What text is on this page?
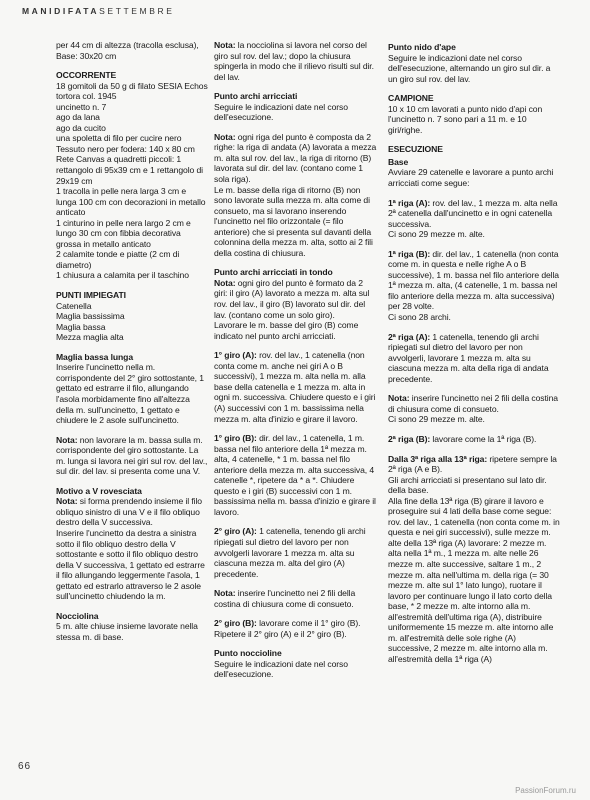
MANIDIFATASETTEMBRE

per 44 cm di altezza (tracolla esclusa), Base: 30x20 cm

OCCORRENTE

18 gomitoli da 50 g di filato SESIA Echos tortora col. 1945
uncinetto n. 7
ago da lana
ago da cucito
una spoletta di filo per cucire nero
Tessuto nero per fodera: 140 x 80 cm
Rete Canvas a quadretti piccoli: 1 rettangolo di 95x39 cm e 1 rettangolo di 29x19 cm
1 tracolla in pelle nera larga 3 cm e lunga 100 cm con decorazioni in metallo anticato
1 cinturino in pelle nera largo 2 cm e lungo 30 cm con fibbia decorativa grossa in metallo anticato
2 calamite tonde e piatte (2 cm di diametro)
1 chiusura a calamita per il taschino

PUNTI IMPIEGATI

Catenella
Maglia bassissima
Maglia bassa
Mezza maglia alta

Maglia bassa lunga

Inserire l'uncinetto nella m. corrispondente del 2° giro sottostante, 1 gettato ed estrarre il filo, allungando l'asola morbidamente fino all'altezza della m. sull'uncinetto, 1 gettato e chiudere le 2 asole sull'uncinetto.

Nota: non lavorare la m. bassa sulla m. corrispondente del giro sottostante. La m. lunga si lavora nei giri sul rov. del lav., sul dir. del lav. si presenta come una V.

Motivo a V rovesciata

Nota: si forma prendendo insieme il filo obliquo sinistro di una V e il filo obliquo destro della V successiva.
Inserire l'uncinetto da destra a sinistra sotto il filo obliquo destro della V sottostante e sotto il filo obliquo destro della V successiva, 1 gettato ed estrarre il filo allungando leggermente l'asola, 1 gettato ed estrarlo attraverso le 2 asole sull'uncinetto chiudendo la m.

Nocciolina

5 m. alte chiuse insieme lavorate nella stessa m. di base.

Nota: la nocciolina si lavora nel corso del giro sul rov. del lav.; dopo la chiusura spingerla in modo che il rilievo risulti sul dir. del lav.

Punto archi arricciati

Seguire le indicazioni date nel corso dell'esecuzione.

Nota: ogni riga del punto è composta da 2 righe: la riga di andata (A) lavorata a mezza m. alta sul rov. del lav., la riga di ritorno (B) lavorata sul dir. del lav. (contano come 1 sola riga).
Le m. basse della riga di ritorno (B) non sono lavorate sulla mezza m. alta come di consueto, ma si lavorano inserendo l'uncinetto nel filo orizzontale (= filo anteriore) che si presenta sul davanti della colonnina della mezza m. alta, sotto ai 2 fili della costina di chiusura.

Punto archi arricciati in tondo

Nota: ogni giro del punto è formato da 2 giri: il giro (A) lavorato a mezza m. alta sul rov. del lav., il giro (B) lavorato sul dir. del lav. (contano come un solo giro).
Lavorare le m. basse del giro (B) come indicato nel punto archi arricciati.

1° giro (A): rov. del lav., 1 catenella (non conta come m. anche nei giri A o B successivi), 1 mezza m. alta nella m. alla base della catenella e 1 mezza m. alta in ogni m. successiva. Chiudere questo e i giri (A) successivi con 1 m. bassissima nella mezza m. alta d'inizio e girare il lavoro.

1° giro (B): dir. del lav., 1 catenella, 1 m. bassa nel filo anteriore della 1ª mezza m. alta, 4 catenelle, * 1 m. bassa nel filo anteriore della mezza m. alta successiva, 4 catenelle *, ripetere da * a *. Chiudere questo e i giri (B) successivi con 1 m. bassissima nella m. bassa d'inizio e girare il lavoro.

2° giro (A): 1 catenella, tenendo gli archi ripiegati sul dietro del lavoro per non avvolgerli lavorare 1 mezza m. alta su ciascuna mezza m. alta del giro (A) precedente.

Nota: inserire l'uncinetto nei 2 fili della costina di chiusura come di consueto.

2° giro (B): lavorare come il 1° giro (B).
Ripetere il 2° giro (A) e il 2° giro (B).

Punto noccioline

Seguire le indicazioni date nel corso dell'esecuzione.

Punto nido d'ape

Seguire le indicazioni date nel corso dell'esecuzione, alternando un giro sul dir. a un giro sul rov. del lav.

CAMPIONE

10 x 10 cm lavorati a punto nido d'api con l'uncinetto n. 7 sono pari a 11 m. e 10 giri/righe.

ESECUZIONE
Base

Avviare 29 catenelle e lavorare a punto archi arricciati come segue:

1ª riga (A): rov. del lav., 1 mezza m. alta nella 2ª catenella dall'uncinetto e in ogni catenella successiva.
Ci sono 29 mezze m. alte.

1ª riga (B): dir. del lav., 1 catenella (non conta come m. in questa e nelle righe A o B successive), 1 m. bassa nel filo anteriore della 1ª mezza m. alta, (4 catenelle, 1 m. bassa nel filo anteriore della mezza m. alta successiva) per 28 volte.
Ci sono 28 archi.

2ª riga (A): 1 catenella, tenendo gli archi ripiegati sul dietro del lavoro per non avvolgerli, lavorare 1 mezza m. alta su ciascuna mezza m. alta della riga di andata precedente.

Nota: inserire l'uncinetto nei 2 fili della costina di chiusura come di consueto.
Ci sono 29 mezze m. alte.

2ª riga (B): lavorare come la 1ª riga (B).

Dalla 3ª riga alla 13ª riga: ripetere sempre la 2ª riga (A e B).
Gli archi arricciati si presentano sul lato dir. della base.
Alla fine della 13ª riga (B) girare il lavoro e proseguire sui 4 lati della base come segue: rov. del lav., 1 catenella (non conta come m. in questa e nei giri successivi), sulle mezze m. alte della 13ª riga (A) lavorare: 2 mezze m. alta nella 1ª m., 1 mezza m. alte nelle 26 mezze m. alte successive, saltare 1 m., 2 mezze m. alta nell'ultima m. della riga (= 30 mezze m. alte sul 1° lato lungo), ruotare il lavoro per continuare lungo il lato corto della base, * 2 mezze m. alte intorno alla m. all'estremità dell'ultima riga (A), distribuire uniformemente 15 mezze m. alte intorno alle m. all'estremità delle sole righe (A) successive, 2 mezze m. alte intorno alla m. all'estremità della 1ª riga (A)

66
PassionForum.ru
